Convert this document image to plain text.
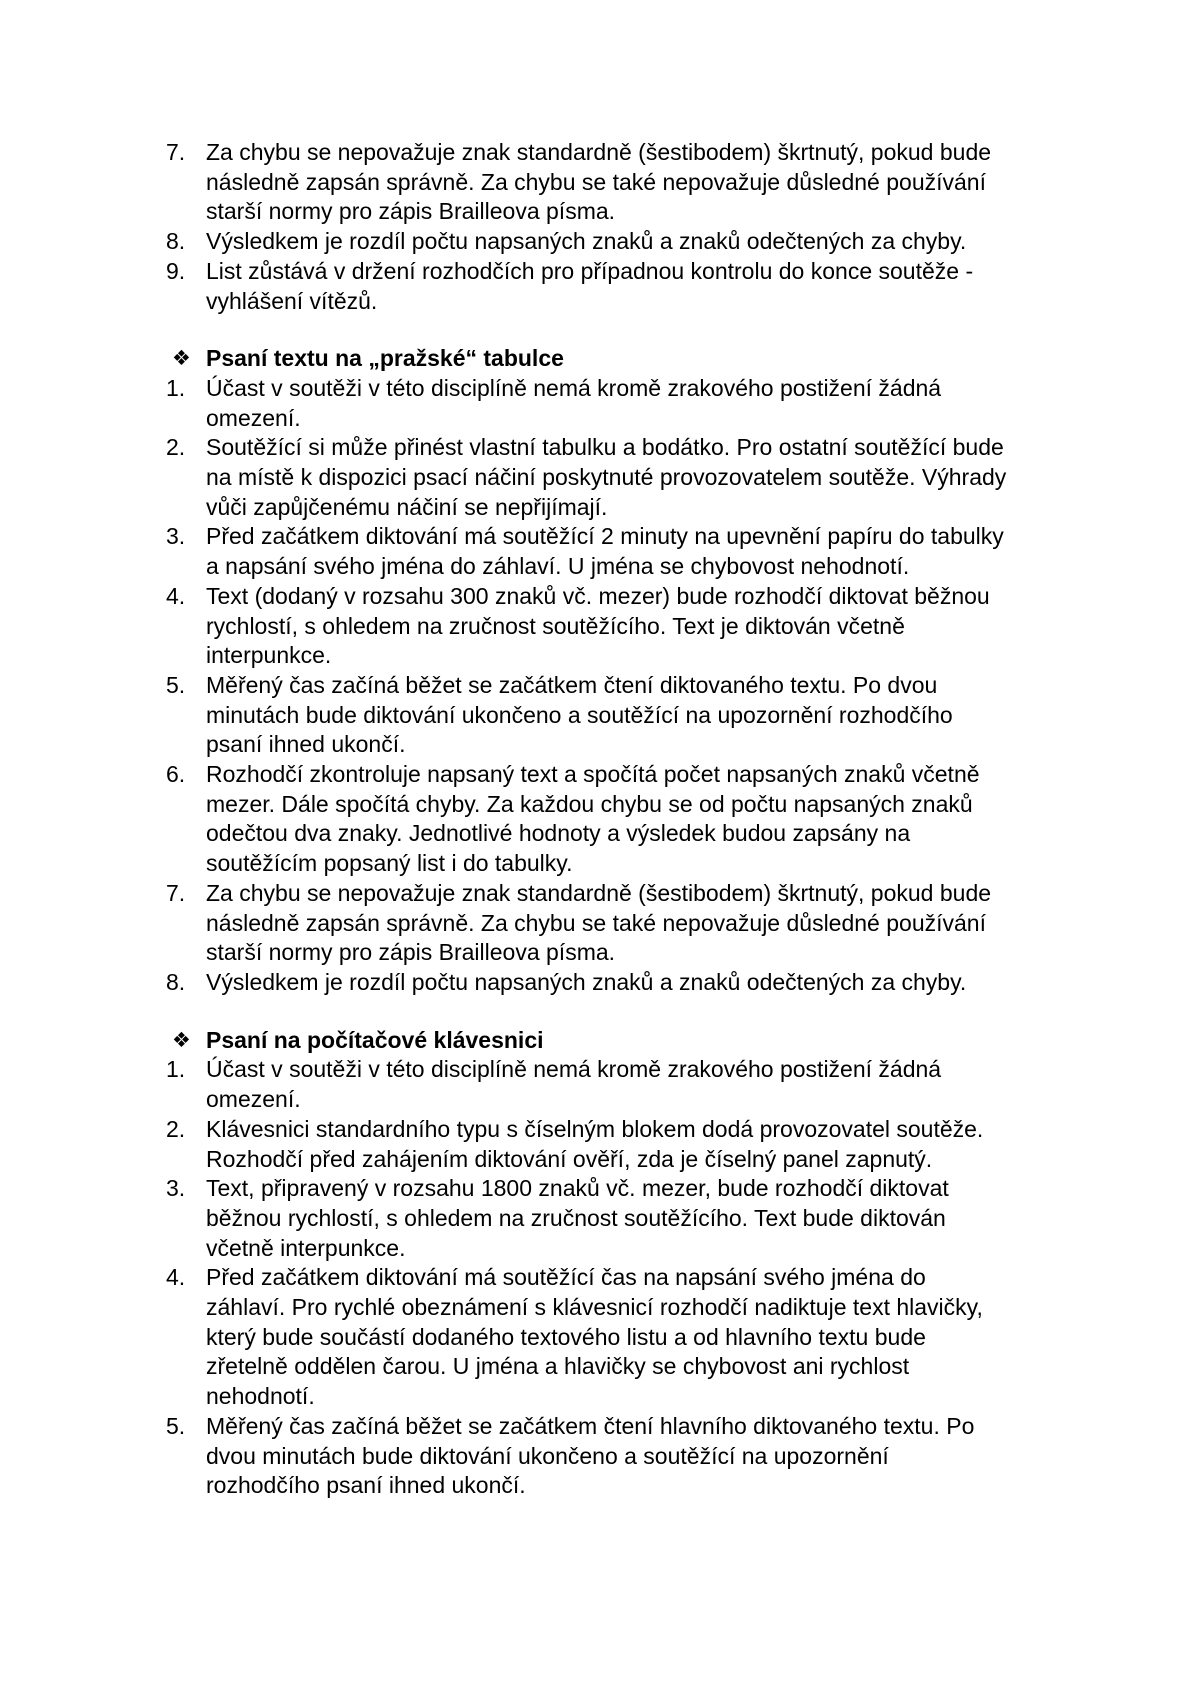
7. Za chybu se nepovažuje znak standardně (šestibodem) škrtnutý, pokud bude
následně zapsán správně. Za chybu se také nepovažuje důsledné používání
starší normy pro zápis Brailleova písma.
8. Výsledkem je rozdíl počtu napsaných znaků a znaků odečtených za chyby.
9. List zůstává v držení rozhodčích pro případnou kontrolu do konce soutěže -
vyhlášení vítězů.
❖ Psaní textu na „pražské“ tabulce
1. Účast v soutěži v této disciplíně nemá kromě zrakového postižení žádná
omezení.
2. Soutěžící si může přinést vlastní tabulku a bodátko. Pro ostatní soutěžící bude
na místě k dispozici psací náčiní poskytnuté provozovatelem soutěže. Výhrady
vůči zapůjčenému náčiní se nepřijímají.
3. Před začátkem diktování má soutěžící 2 minuty na upevnění papíru do tabulky
a napsání svého jména do záhlaví. U jména se chybovost nehodnotí.
4. Text (dodaný v rozsahu 300 znaků vč. mezer) bude rozhodčí diktovat běžnou
rychlostí, s ohledem na zručnost soutěžícího. Text je diktován včetně
interpunkce.
5. Měřený čas začíná běžet se začátkem čtení diktovaného textu. Po dvou
minutách bude diktování ukončeno a soutěžící na upozornění rozhodčího
psaní ihned ukončí.
6. Rozhodčí zkontroluje napsaný text a spočítá počet napsaných znaků včetně
mezer. Dále spočítá chyby. Za každou chybu se od počtu napsaných znaků
odečtou dva znaky. Jednotlivé hodnoty a výsledek budou zapsány na
soutěžícím popsaný list i do tabulky.
7. Za chybu se nepovažuje znak standardně (šestibodem) škrtnutý, pokud bude
následně zapsán správně. Za chybu se také nepovažuje důsledné používání
starší normy pro zápis Brailleova písma.
8. Výsledkem je rozdíl počtu napsaných znaků a znaků odečtených za chyby.
❖ Psaní na počítačové klávesnici
1. Účast v soutěži v této disciplíně nemá kromě zrakového postižení žádná
omezení.
2. Klávesnici standardního typu s číselným blokem dodá provozovatel soutěže.
Rozhodčí před zahájením diktování ověří, zda je číselný panel zapnutý.
3. Text, připravený v rozsahu 1800 znaků vč. mezer, bude rozhodčí diktovat
běžnou rychlostí, s ohledem na zručnost soutěžícího. Text bude diktován
včetně interpunkce.
4. Před začátkem diktování má soutěžící čas na napsání svého jména do
záhlaví. Pro rychlé obeznámení s klávesnicí rozhodčí nadiktuje text hlavičky,
který bude součástí dodaného textového listu a od hlavního textu bude
zřetelně oddělen čarou. U jména a hlavičky se chybovost ani rychlost
nehodnotí.
5. Měřený čas začíná běžet se začátkem čtení hlavního diktovaného textu. Po
dvou minutách bude diktování ukončeno a soutěžící na upozornění
rozhodčího psaní ihned ukončí.
